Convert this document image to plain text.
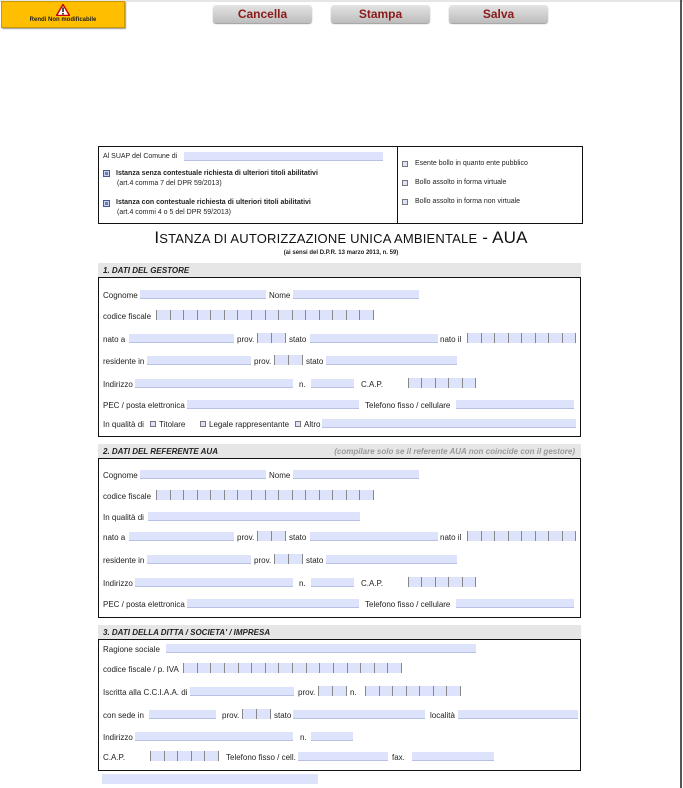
Rendi Non modificabile	Cancella	Stampa	Salva
Al SUAP del Comune di
Istanza senza contestuale richiesta di ulteriori titoli abilitativi
(art.4 comma 7 del DPR 59/2013)
Istanza con contestuale richiesta di ulteriori titoli abilitativi
(art.4 commi 4 o 5 del DPR 59/2013)
Esente bollo in quanto ente pubblico
Bollo assolto in forma virtuale
Bollo assolto in forma non virtuale
ISTANZA DI AUTORIZZAZIONE UNICA AMBIENTALE - AUA
(ai sensi del D.P.R. 13 marzo 2013, n. 59)
1. DATI DEL GESTORE
Cognome	Nome
codice fiscale
nato a	prov.	stato	nato il
residente in	prov.	stato
Indirizzo	n.	C.A.P.
PEC / posta elettronica	Telefono fisso / cellulare
In qualità di Titolare	Legale rappresentante Altro
2. DATI DEL REFERENTE AUA	(compilare solo se il referente AUA non coincide con il gestore)
Cognome	Nome
codice fiscale
In qualità di
nato a	prov.	stato	nato il
residente in	prov.	stato
Indirizzo	n.	C.A.P.
PEC / posta elettronica	Telefono fisso / cellulare
3. DATI DELLA DITTA / SOCIETA' / IMPRESA
Ragione sociale
codice fiscale / p. IVA
Iscritta alla C.C.I.A.A. di	prov.	n.
con sede in	prov.	stato	località
Indirizzo	n.
C.A.P.	Telefono fisso / cell.	fax.
